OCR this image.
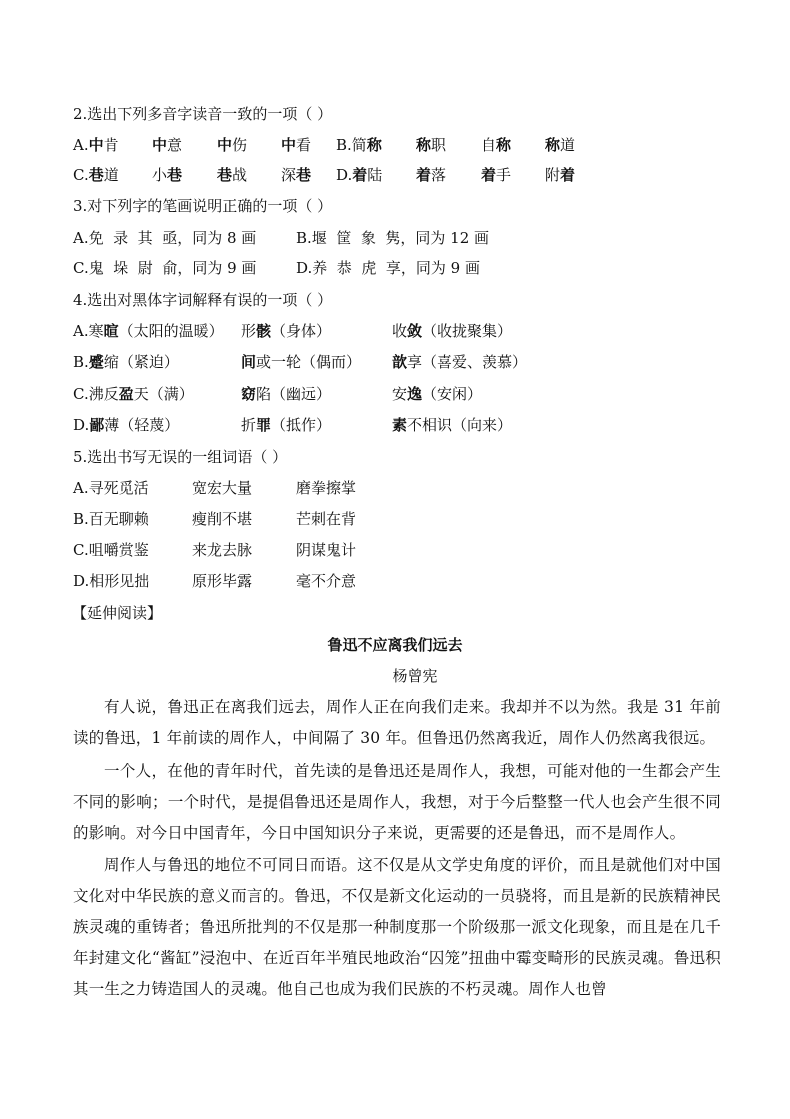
2.选出下列多音字读音一致的一项（ ）
A.中肯 中意 中伤 中看 B.简称 称职 自称 称道
C.巷道 小巷 巷战 深巷 D.着陆 着落 着手 附着
3.对下列字的笔画说明正确的一项（ ）
A.免  录  其  亟，同为 8 画	B.堰  筐  象  隽，同为 12 画
C.鬼  垛  尉  俞，同为 9 画	D.养  恭  虎  享，同为 9 画
4.选出对黑体字词解释有误的一项（ ）
A.寒暄（太阳的温暖） 形骸（身体）	收敛（收拢聚集）
B.蹙缩（紧迫）	间或一轮（偶而） 歆享（喜爱、羡慕）
C.沸反盈天（满）	窈陷（幽远）	安逸（安闲）
D.鄙薄（轻蔑）	折罪（抵作）	素不相识（向来）
5.选出书写无误的一组词语（ ）
A.寻死觅活	宽宏大量	磨拳擦掌
B.百无聊赖	瘦削不堪	芒刺在背
C.咀嚼赏鉴	来龙去脉	阴谋鬼计
D.相形见拙	原形毕露	毫不介意
【延伸阅读】
鲁迅不应离我们远去
杨曾宪
有人说，鲁迅正在离我们远去，周作人正在向我们走来。我却并不以为然。我是 31 年前读的鲁迅，1 年前读的周作人，中间隔了 30 年。但鲁迅仍然离我近，周作人仍然离我很远。
一个人，在他的青年时代，首先读的是鲁迅还是周作人，我想，可能对他的一生都会产生不同的影响；一个时代，是提倡鲁迅还是周作人，我想，对于今后整整一代人也会产生很不同的影响。对今日中国青年，今日中国知识分子来说，更需要的还是鲁迅，而不是周作人。
周作人与鲁迅的地位不可同日而语。这不仅是从文学史角度的评价，而且是就他们对中国文化对中华民族的意义而言的。鲁迅，不仅是新文化运动的一员骁将，而且是新的民族精神民族灵魂的重铸者；鲁迅所批判的不仅是那一种制度那一个阶级那一派文化现象，而且是在几千年封建文化“酱缸”浸泡中、在近百年半殖民地政治“囚笼”扭曲中霉变畸形的民族灵魂。鲁迅积其一生之力铸造国人的灵魂。他自己也成为我们民族的不朽灵魂。周作人也曾
